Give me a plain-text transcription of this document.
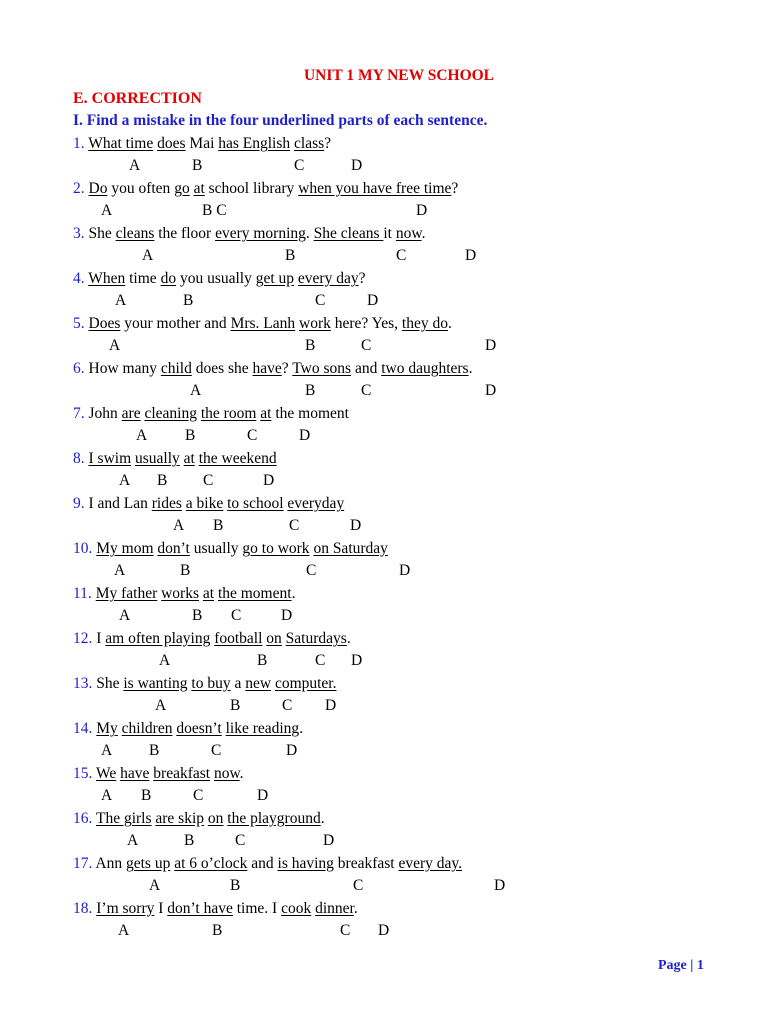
UNIT 1 MY NEW SCHOOL
E. CORRECTION
I. Find a mistake in the four underlined parts of each sentence.
1. What time does Mai has English class?
A	B	C	D
2. Do you often go at school library when you have free time?
A	B C	D
3. She cleans the floor every morning. She cleans it now.
A	B	C	D
4. When time do you usually get up every day?
A	B	C	D
5. Does your mother and Mrs. Lanh work here? Yes, they do.
A	B	C	D
6. How many child does she have? Two sons and two daughters.
A	B	C	D
7. John are cleaning the room at the moment
A B	C	D
8. I swim usually at the weekend
A B C	D
9. I and Lan rides a bike to school everyday
A B	C	D
10. My mom don’t usually go to work on Saturday
A	B	C	D
11. My father works at the moment.
A	B C	D
12. I am often playing football on Saturdays.
A	B	C D
13. She is wanting to buy a new computer.
A	B	C D
14. My children doesn’t like reading.
A B	C	D
15. We have breakfast now.
A B	C	D
16. The girls are skip on the playground.
A	B	C	D
17. Ann gets up at 6 o’clock and is having breakfast every day.
A	B	C	D
18. I’m sorry I don’t have time. I cook dinner.
A	B	C D
Page | 1
